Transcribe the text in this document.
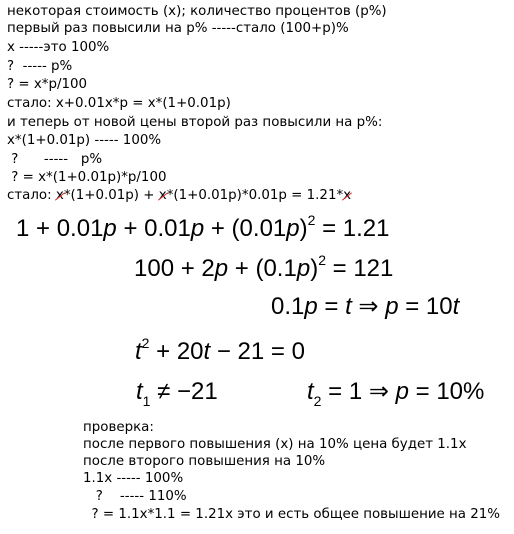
некоторая стоимость (х); количество процентов (р%)
первый раз повысили на р% -----стало (100+р)%
х -----это 100%
?  ----- р%
? = х*р/100
стало: х+0.01х*р = х*(1+0.01р)
и теперь от новой цены второй раз повысили на р%:
х*(1+0.01р) ----- 100%
?      -----   р%
? = х*(1+0.01р)*р/100
стало: х*(1+0.01р) + х*(1+0.01р)*0.01р = 1.21*х
$1 + 0.01p + 0.01p + (0.01p)^2 = 1.21$
$100 + 2p + (0.1p)^2 = 121$
0.1p = t ⇒ p = 10t
$t^2 + 20t - 21 = 0$
$t_1 \ne -21$	$t_2 = 1$ ⇒ p = 10%
проверка:
после первого повышения (х) на 10% цена будет 1.1х
после второго повышения на 10%
1.1х ----- 100%
?    ----- 110%
? = 1.1х*1.1 = 1.21х это и есть общее повышение на 21%
